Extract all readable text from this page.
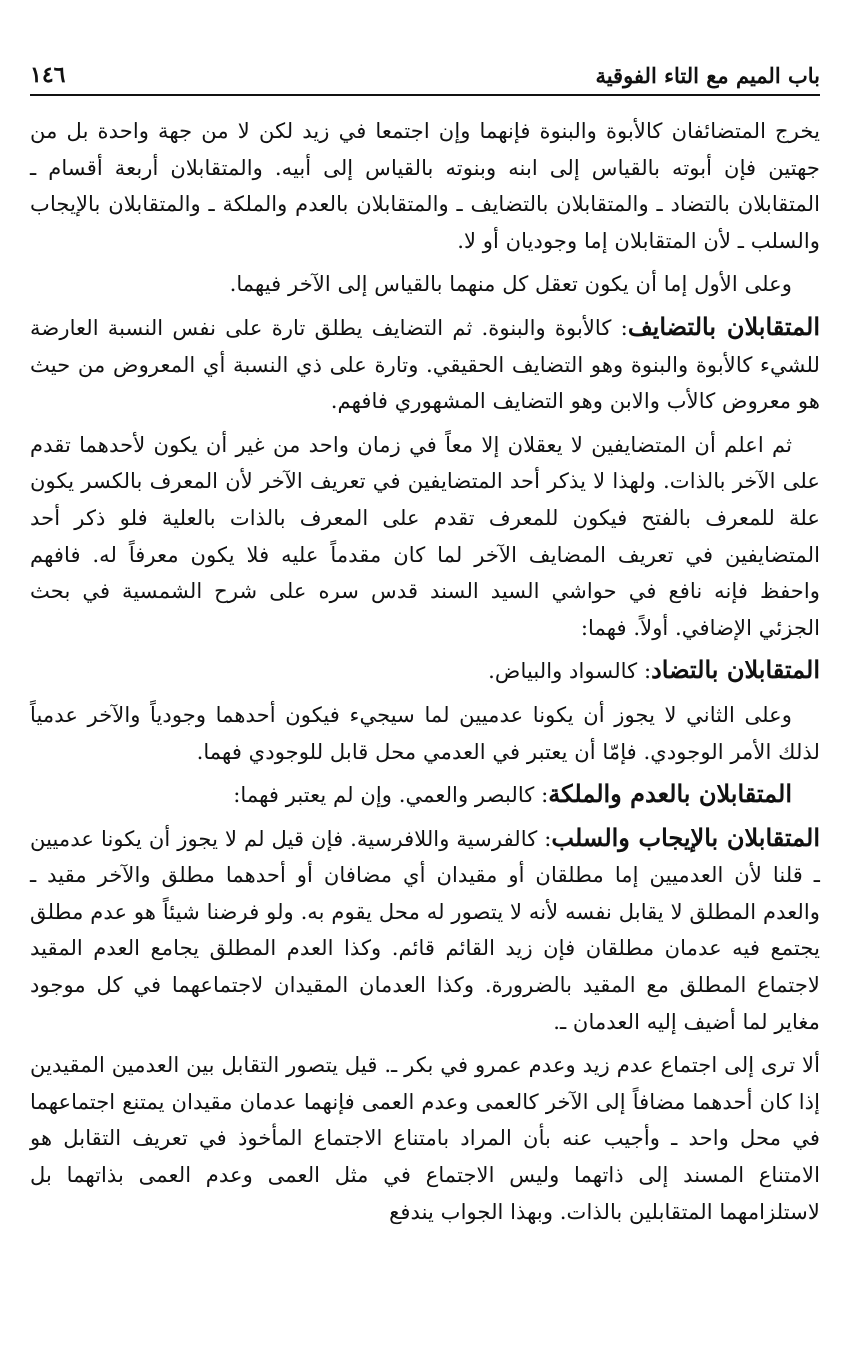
باب الميم مع التاء الفوقية
١٤٦

يخرج المتضائفان كالأبوة والبنوة فإنهما وإن اجتمعا في زيد لكن لا من جهة واحدة بل من جهتين فإن أبوته بالقياس إلى ابنه وبنوته بالقياس إلى أبيه. والمتقابلان أربعة أقسام ـ المتقابلان بالتضاد ـ والمتقابلان بالتضايف ـ والمتقابلان بالعدم والملكة ـ والمتقابلان بالإيجاب والسلب ـ لأن المتقابلان إما وجوديان أو لا.

وعلى الأول إما أن يكون تعقل كل منهما بالقياس إلى الآخر فيهما.

المتقابلان بالتضايف: كالأبوة والبنوة. ثم التضايف يطلق تارة على نفس النسبة العارضة للشيء كالأبوة والبنوة وهو التضايف الحقيقي. وتارة على ذي النسبة أي المعروض من حيث هو معروض كالأب والابن وهو التضايف المشهوري فافهم.

ثم اعلم أن المتضايفين لا يعقلان إلا معاً في زمان واحد من غير أن يكون لأحدهما تقدم على الآخر بالذات. ولهذا لا يذكر أحد المتضايفين في تعريف الآخر لأن المعرف بالكسر يكون علة للمعرف بالفتح فيكون للمعرف تقدم على المعرف بالذات بالعلية فلو ذكر أحد المتضايفين في تعريف المضايف الآخر لما كان مقدماً عليه فلا يكون معرفاً له. فافهم واحفظ فإنه نافع في حواشي السيد السند قدس سره على شرح الشمسية في بحث الجزئي الإضافي. أولاً. فهما:

المتقابلان بالتضاد: كالسواد والبياض.

وعلى الثاني لا يجوز أن يكونا عدميين لما سيجيء فيكون أحدهما وجودياً والآخر عدمياً لذلك الأمر الوجودي. فإمّا أن يعتبر في العدمي محل قابل للوجودي فهما.

المتقابلان بالعدم والملكة: كالبصر والعمي. وإن لم يعتبر فهما:

المتقابلان بالإيجاب والسلب: كالفرسية واللافرسية. فإن قيل لم لا يجوز أن يكونا عدميين ـ قلنا لأن العدميين إما مطلقان أو مقيدان أي مضافان أو أحدهما مطلق والآخر مقيد ـ والعدم المطلق لا يقابل نفسه لأنه لا يتصور له محل يقوم به. ولو فرضنا شيئاً هو عدم مطلق يجتمع فيه عدمان مطلقان فإن زيد القائم قائم. وكذا العدم المطلق يجامع العدم المقيد لاجتماع المطلق مع المقيد بالضرورة. وكذا العدمان المقيدان لاجتماعهما في كل موجود مغاير لما أضيف إليه العدمان ـ.

ألا ترى إلى اجتماع عدم زيد وعدم عمرو في بكر ـ. قيل يتصور التقابل بين العدمين المقيدين إذا كان أحدهما مضافاً إلى الآخر كالعمى وعدم العمى فإنهما عدمان مقيدان يمتنع اجتماعهما في محل واحد ـ وأجيب عنه بأن المراد بامتناع الاجتماع المأخوذ في تعريف التقابل هو الامتناع المسند إلى ذاتهما وليس الاجتماع في مثل العمى وعدم العمى بذاتهما بل لاستلزامهما المتقابلين بالذات. وبهذا الجواب يندفع
